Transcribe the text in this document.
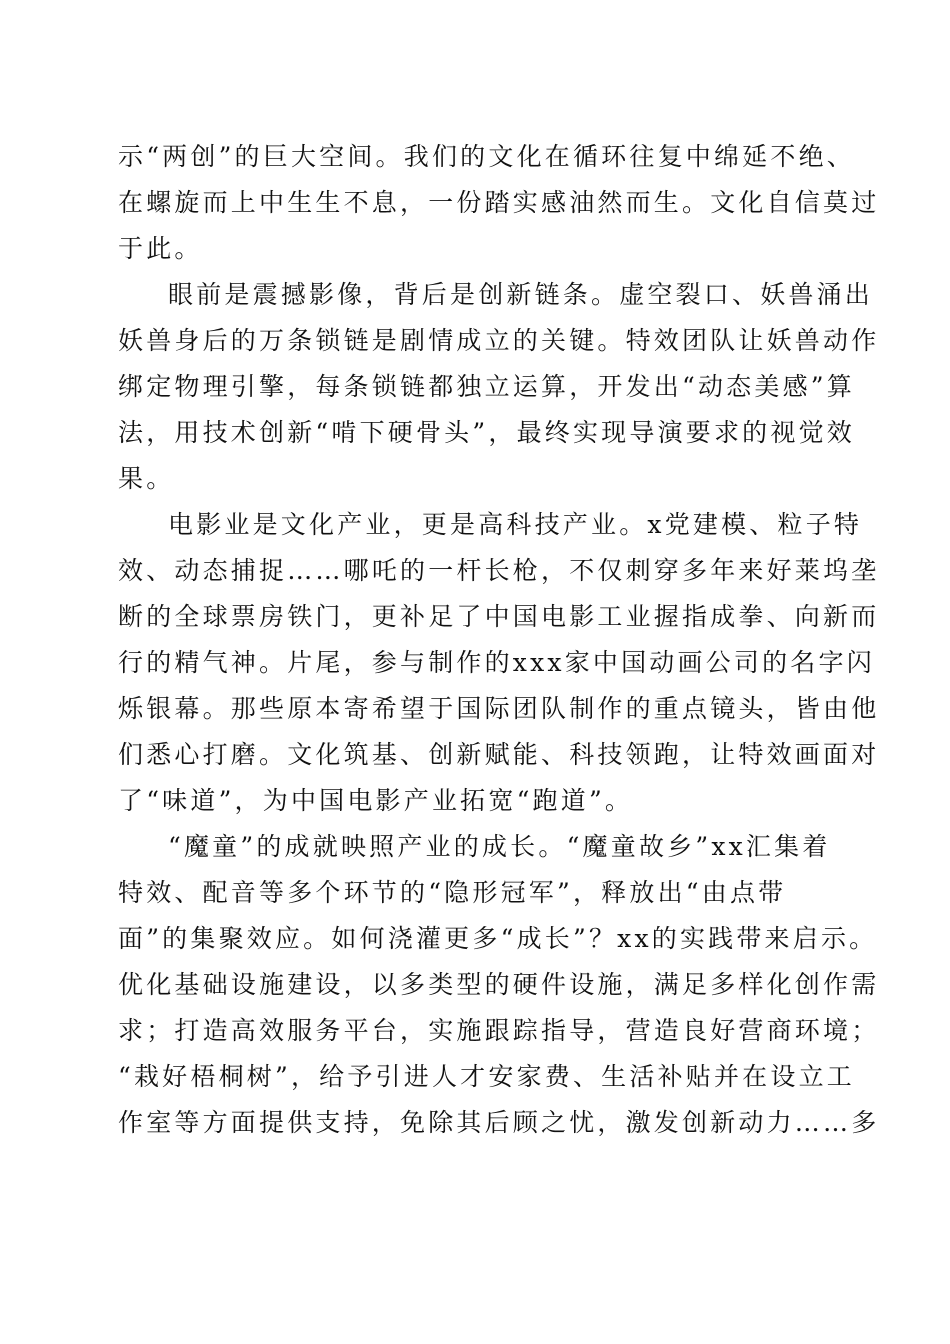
示“两创”的巨大空间。我们的文化在循环往复中绵延不绝、
在螺旋而上中生生不息，一份踏实感油然而生。文化自信莫过
于此。
眼前是震撼影像，背后是创新链条。虚空裂口、妖兽涌出
妖兽身后的万条锁链是剧情成立的关键。特效团队让妖兽动作
绑定物理引擎，每条锁链都独立运算，开发出“动态美感”算
法，用技术创新“啃下硬骨头”，最终实现导演要求的视觉效
果。
电影业是文化产业，更是高科技产业。x党建模、粒子特
效、动态捕捉……哪吒的一杆长枪，不仅刺穿多年来好莱坞垄
断的全球票房铁门，更补足了中国电影工业握指成拳、向新而
行的精气神。片尾，参与制作的xxx家中国动画公司的名字闪
烁银幕。那些原本寄希望于国际团队制作的重点镜头，皆由他
们悉心打磨。文化筑基、创新赋能、科技领跑，让特效画面对
了“味道”，为中国电影产业拓宽“跑道”。
“魔童”的成就映照产业的成长。“魔童故乡”xx汇集着
特效、配音等多个环节的“隐形冠军”，释放出“由点带
面”的集聚效应。如何浇灌更多“成长”？xx的实践带来启示。
优化基础设施建设，以多类型的硬件设施，满足多样化创作需
求；打造高效服务平台，实施跟踪指导，营造良好营商环境；
“栽好梧桐树”，给予引进人才安家费、生活补贴并在设立工
作室等方面提供支持，免除其后顾之忧，激发创新动力……多
